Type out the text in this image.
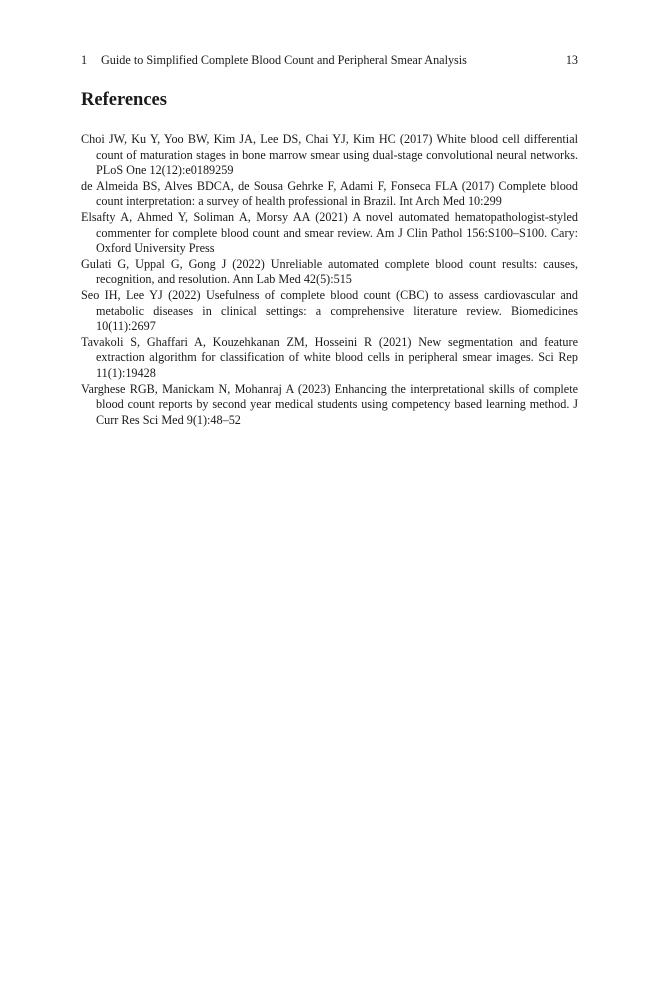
1 Guide to Simplified Complete Blood Count and Peripheral Smear Analysis	13
References
Choi JW, Ku Y, Yoo BW, Kim JA, Lee DS, Chai YJ, Kim HC (2017) White blood cell differential count of maturation stages in bone marrow smear using dual-stage convolutional neural networks. PLoS One 12(12):e0189259
de Almeida BS, Alves BDCA, de Sousa Gehrke F, Adami F, Fonseca FLA (2017) Complete blood count interpretation: a survey of health professional in Brazil. Int Arch Med 10:299
Elsafty A, Ahmed Y, Soliman A, Morsy AA (2021) A novel automated hematopathologist-styled commenter for complete blood count and smear review. Am J Clin Pathol 156:S100–S100. Cary: Oxford University Press
Gulati G, Uppal G, Gong J (2022) Unreliable automated complete blood count results: causes, recognition, and resolution. Ann Lab Med 42(5):515
Seo IH, Lee YJ (2022) Usefulness of complete blood count (CBC) to assess cardiovascular and metabolic diseases in clinical settings: a comprehensive literature review. Biomedicines 10(11):2697
Tavakoli S, Ghaffari A, Kouzehkanan ZM, Hosseini R (2021) New segmentation and feature extraction algorithm for classification of white blood cells in peripheral smear images. Sci Rep 11(1):19428
Varghese RGB, Manickam N, Mohanraj A (2023) Enhancing the interpretational skills of complete blood count reports by second year medical students using competency based learning method. J Curr Res Sci Med 9(1):48–52
